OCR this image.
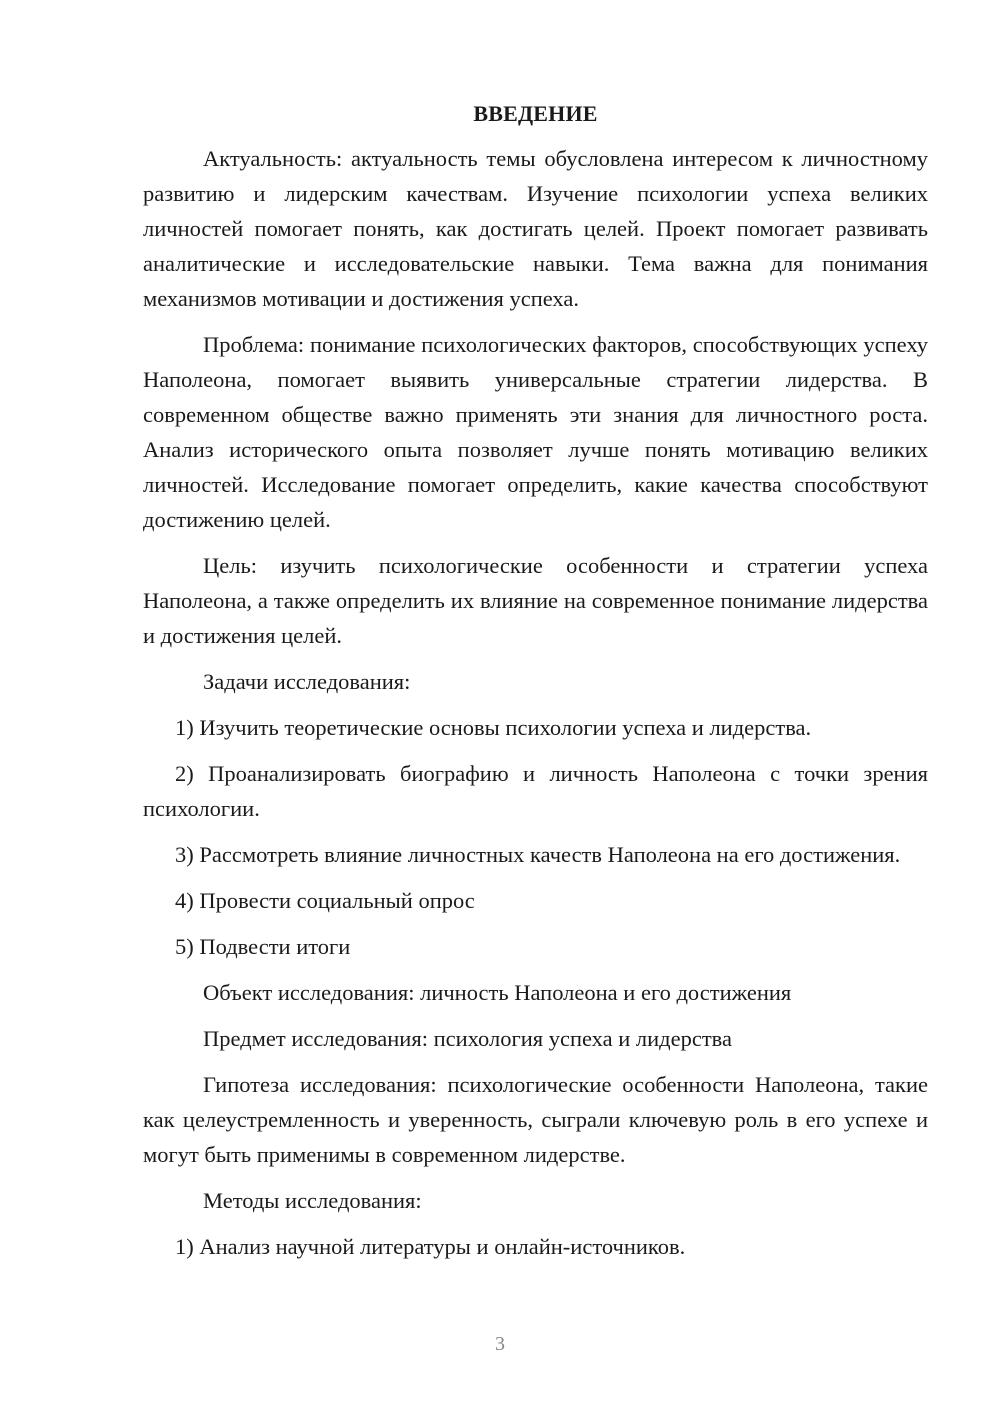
ВВЕДЕНИЕ

Актуальность: актуальность темы обусловлена интересом к личностному развитию и лидерским качествам. Изучение психологии успеха великих личностей помогает понять, как достигать целей. Проект помогает развивать аналитические и исследовательские навыки. Тема важна для понимания механизмов мотивации и достижения успеха.

Проблема: понимание психологических факторов, способствующих успеху Наполеона, помогает выявить универсальные стратегии лидерства. В современном обществе важно применять эти знания для личностного роста. Анализ исторического опыта позволяет лучше понять мотивацию великих личностей. Исследование помогает определить, какие качества способствуют достижению целей.

Цель: изучить психологические особенности и стратегии успеха Наполеона, а также определить их влияние на современное понимание лидерства и достижения целей.

Задачи исследования:

1) Изучить теоретические основы психологии успеха и лидерства.

2) Проанализировать биографию и личность Наполеона с точки зрения психологии.

3) Рассмотреть влияние личностных качеств Наполеона на его достижения.

4) Провести социальный опрос

5) Подвести итоги

Объект исследования: личность Наполеона и его достижения

Предмет исследования: психология успеха и лидерства

Гипотеза исследования: психологические особенности Наполеона, такие как целеустремленность и уверенность, сыграли ключевую роль в его успехе и могут быть применимы в современном лидерстве.

Методы исследования:

1) Анализ научной литературы и онлайн-источников.

3
